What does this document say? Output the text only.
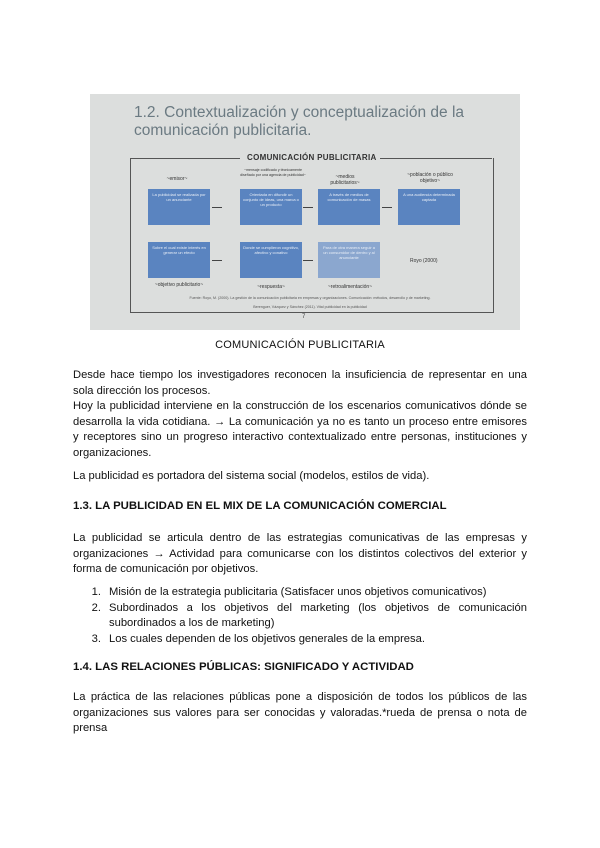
1.2. Contextualización y conceptualización de la comunicación publicitaria.
COMUNICACIÓN PUBLICITARIA
~emisor~
~mensaje codificado y técnicamente diseñado por una agencia de publicidad~	~medios publicitarios~
~población o público objetivo~
La publicidad se realizada por un anunciante
Orientada en difundir un conjunto de ideas, una marca o un producto
A través de medios de comunicación de masas
A una audiencia determinada captada
Sobre el cual existe interés en generar un efecto
Donde se cumplieron cognitivo, afectivo y conativo
Para de otra manera seguir a un consumidor de dentro y al anunciante
Royo (2000)
~objetivo publicitario~	~respuesta~	~retroalimentación~
Fuente: Royo, M. (2000). La gestión de la comunicación publicitaria en empresas y organizaciones. Comunicación: métodos, desarrollo y de marketing.
Berenguer, Vázquez y Sánchez (2011). Vital publicidad en la publicidad
7
COMUNICACIÓN PUBLICITARIA
Desde hace tiempo los investigadores reconocen la insuficiencia de representar en una sola dirección los procesos.
Hoy la publicidad interviene en la construcción de los escenarios comunicativos dónde se desarrolla la vida cotidiana. → La comunicación ya no es tanto un proceso entre emisores y receptores sino un progreso interactivo contextualizado entre personas, instituciones y organizaciones.
La publicidad es portadora del sistema social (modelos, estilos de vida).
1.3. LA PUBLICIDAD EN EL MIX DE LA COMUNICACIÓN COMERCIAL
La publicidad se articula dentro de las estrategias comunicativas de las empresas y organizaciones → Actividad para comunicarse con los distintos colectivos del exterior y forma de comunicación por objetivos.
1. Misión de la estrategia publicitaria (Satisfacer unos objetivos comunicativos)
2. Subordinados a los objetivos del marketing (los objetivos de comunicación subordinados a los de marketing)
3. Los cuales dependen de los objetivos generales de la empresa.
1.4. LAS RELACIONES PÚBLICAS: SIGNIFICADO Y ACTIVIDAD
La práctica de las relaciones públicas pone a disposición de todos los públicos de las organizaciones sus valores para ser conocidas y valoradas.*rueda de prensa o nota de prensa
